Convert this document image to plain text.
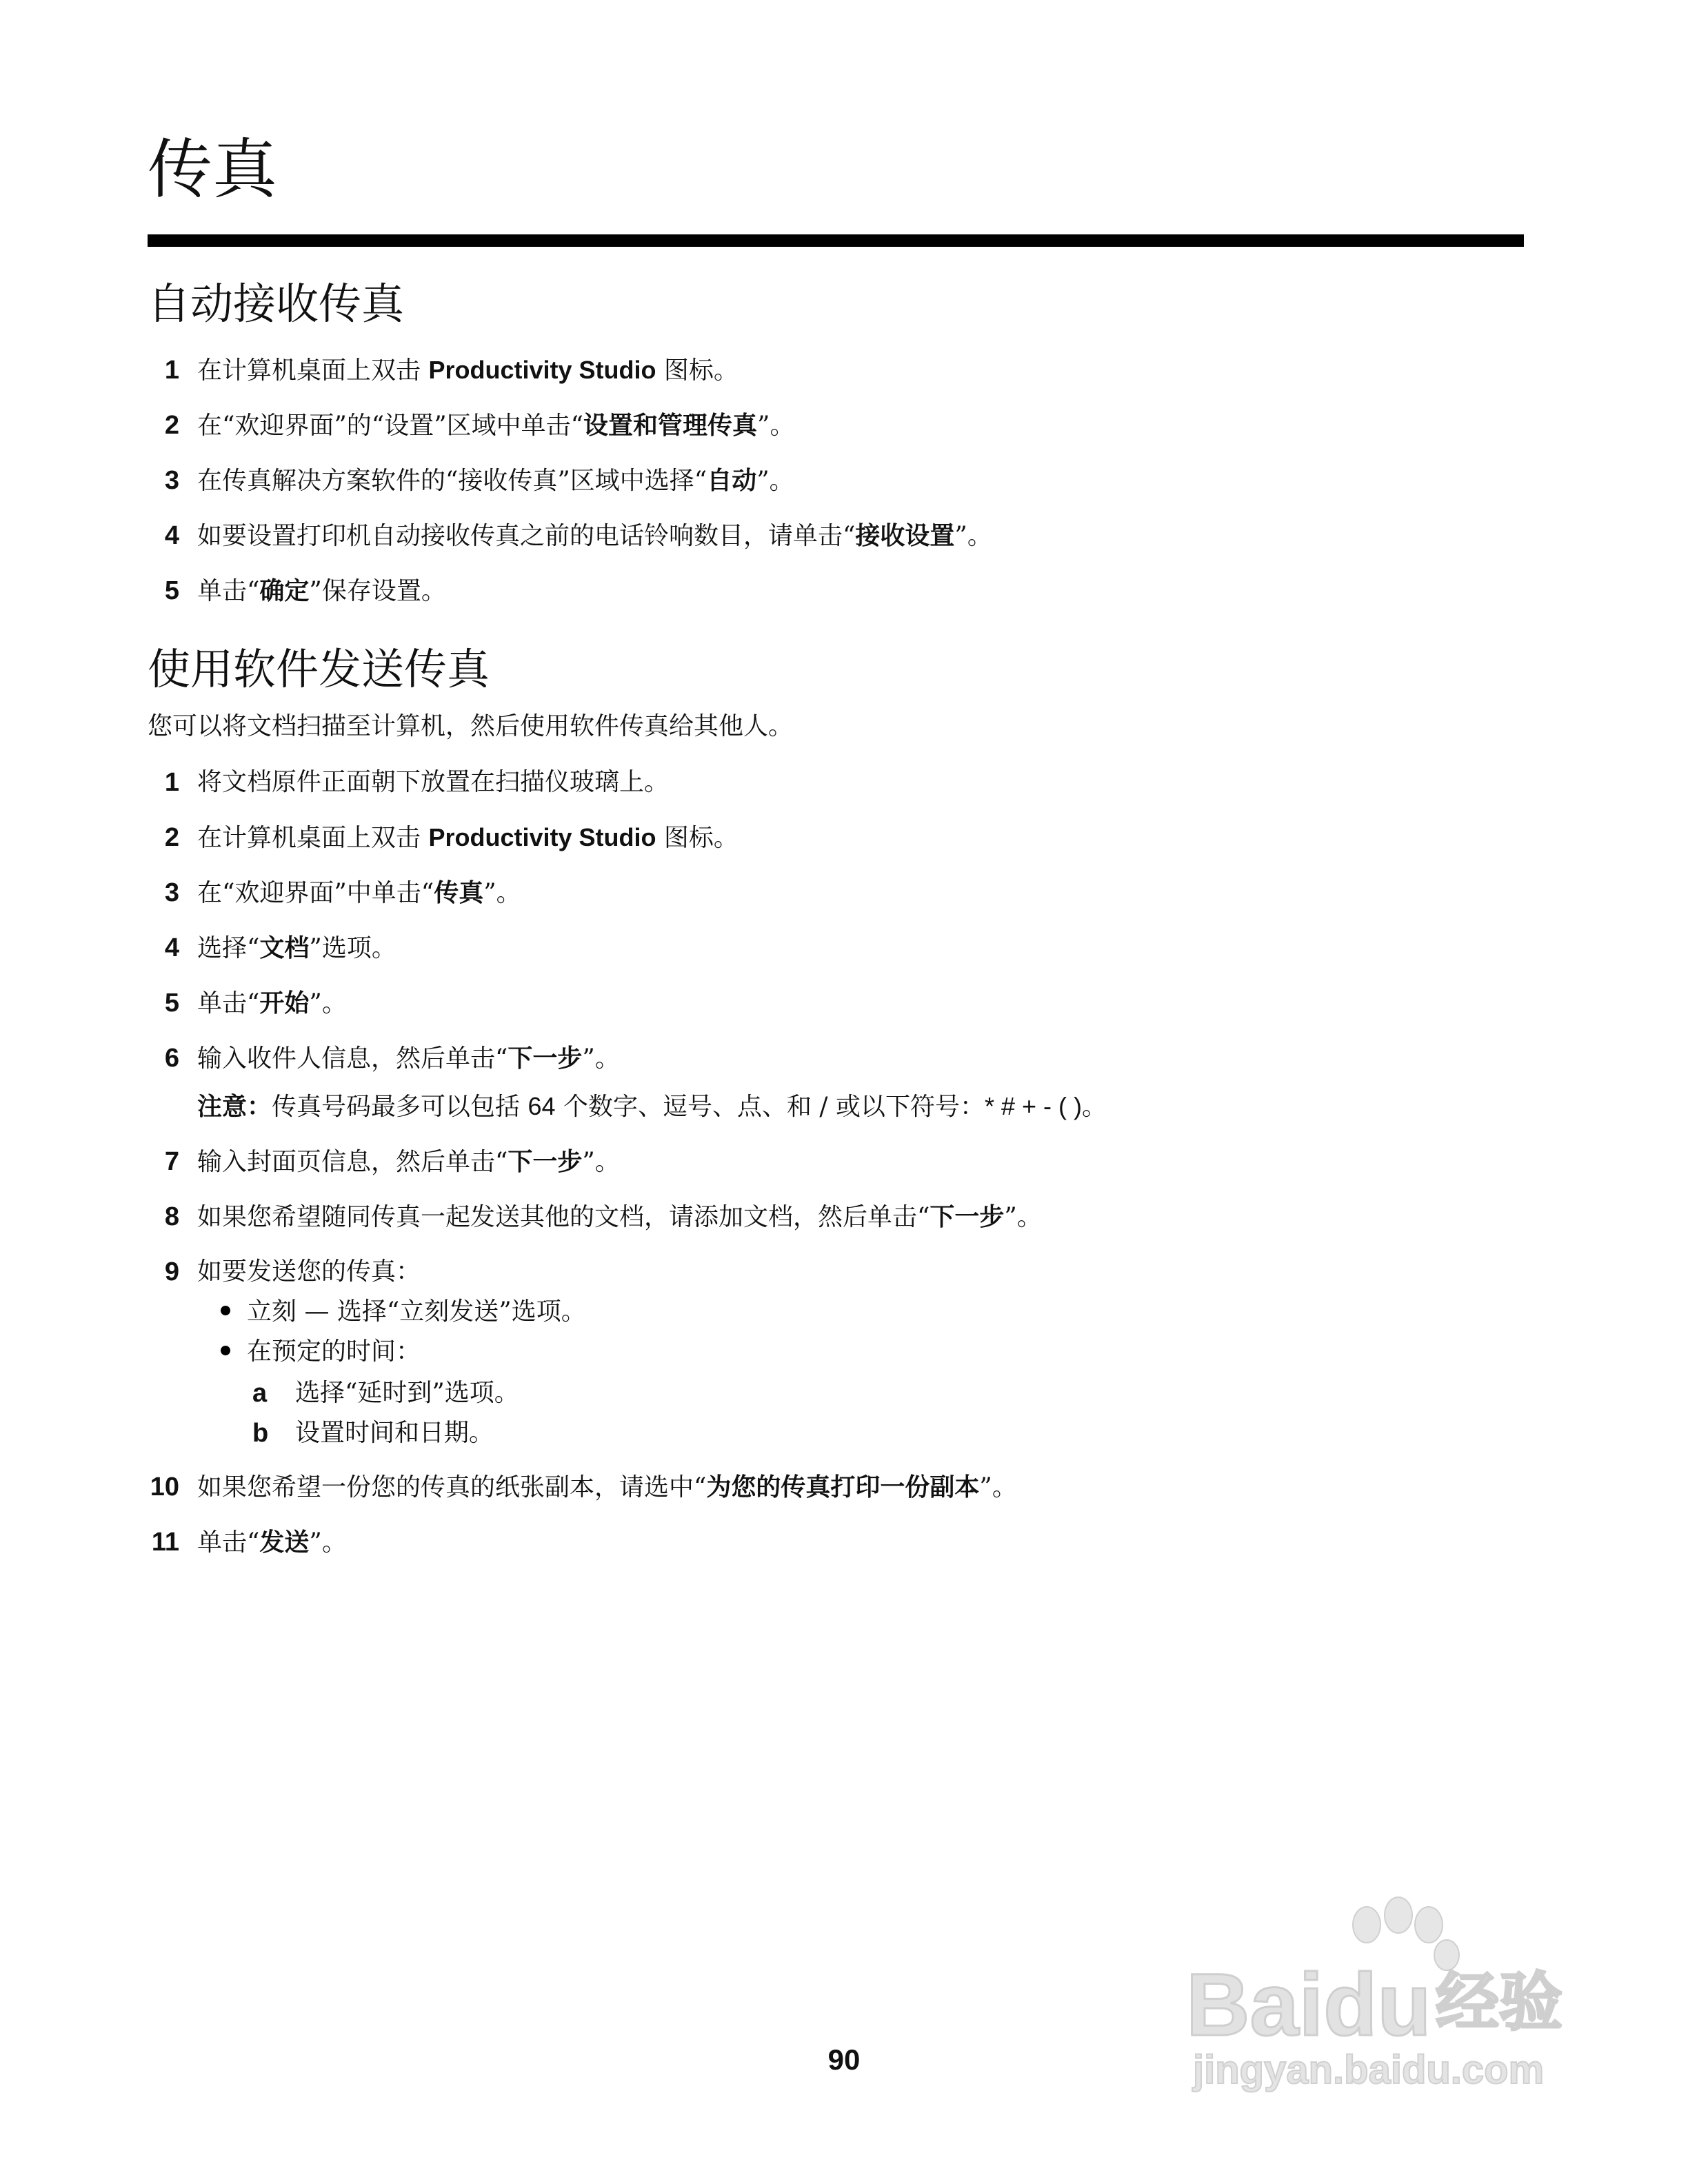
传真
自动接收传真
1 在计算机桌面上双击 Productivity Studio 图标。
2 在“欢迎界面”的“设置”区域中单击“设置和管理传真”。
3 在传真解决方案软件的“接收传真”区域中选择“自动”。
4 如要设置打印机自动接收传真之前的电话铃响数目，请单击“接收设置”。
5 单击“确定”保存设置。
使用软件发送传真

您可以将文档扫描至计算机，然后使用软件传真给其他人。

1 将文档原件正面朝下放置在扫描仪玻璃上。
2 在计算机桌面上双击 Productivity Studio 图标。
3 在“欢迎界面”中单击“传真”。
4 选择“文档”选项。
5 单击“开始”。
6 输入收件人信息，然后单击“下一步”。
注意：传真号码最多可以包括 64 个数字、逗号、点、和 / 或以下符号：* # + - ( )。
7 输入封面页信息，然后单击“下一步”。
8 如果您希望随同传真一起发送其他的文档，请添加文档，然后单击“下一步”。
9 如要发送您的传真：
立刻 — 选择“立刻发送”选项。
在预定的时间：
a 选择“延时到”选项。
b 设置时间和日期。
10 如果您希望一份您的传真的纸张副本，请选中“为您的传真打印一份副本”。
11 单击“发送”。
90
Baidu 经验
jingyan.baidu.com
